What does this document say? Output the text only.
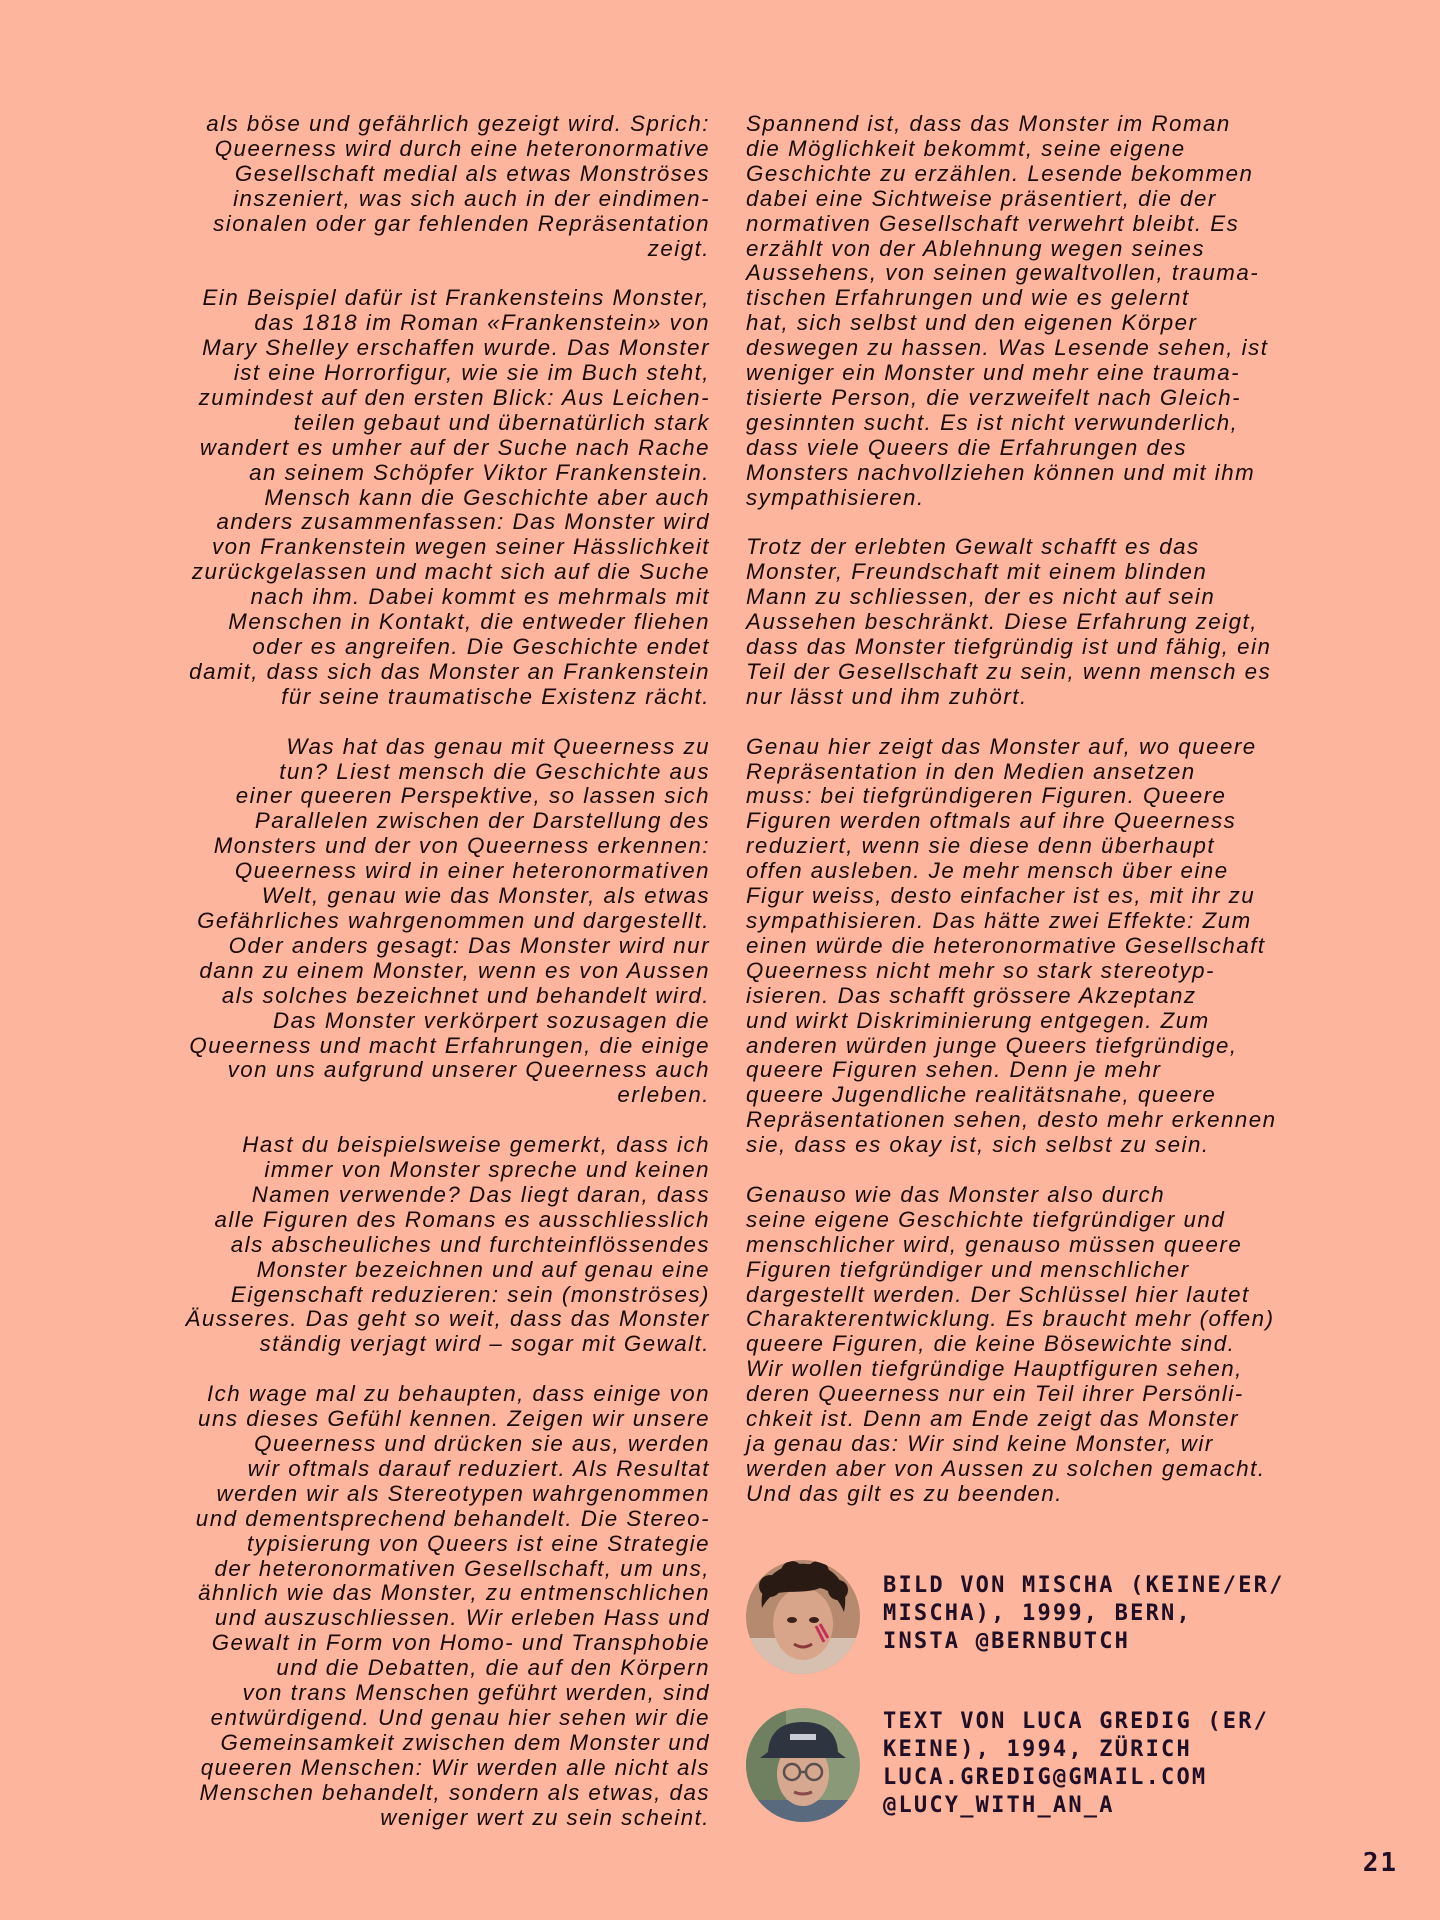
als böse und gefährlich gezeigt wird. Sprich:
Queerness wird durch eine heteronormative
Gesellschaft medial als etwas Monströses
inszeniert, was sich auch in der eindimen-
sionalen oder gar fehlenden Repräsentation
zeigt.

Ein Beispiel dafür ist Frankensteins Monster,
das 1818 im Roman «Frankenstein» von
Mary Shelley erschaffen wurde. Das Monster
ist eine Horrorfigur, wie sie im Buch steht,
zumindest auf den ersten Blick: Aus Leichen-
teilen gebaut und übernatürlich stark
wandert es umher auf der Suche nach Rache
an seinem Schöpfer Viktor Frankenstein.
Mensch kann die Geschichte aber auch
anders zusammenfassen: Das Monster wird
von Frankenstein wegen seiner Hässlichkeit
zurückgelassen und macht sich auf die Suche
nach ihm. Dabei kommt es mehrmals mit
Menschen in Kontakt, die entweder fliehen
oder es angreifen. Die Geschichte endet
damit, dass sich das Monster an Frankenstein
für seine traumatische Existenz rächt.

Was hat das genau mit Queerness zu
tun? Liest mensch die Geschichte aus
einer queeren Perspektive, so lassen sich
Parallelen zwischen der Darstellung des
Monsters und der von Queerness erkennen:
Queerness wird in einer heteronormativen
Welt, genau wie das Monster, als etwas
Gefährliches wahrgenommen und dargestellt.
Oder anders gesagt: Das Monster wird nur
dann zu einem Monster, wenn es von Aussen
als solches bezeichnet und behandelt wird.
Das Monster verkörpert sozusagen die
Queerness und macht Erfahrungen, die einige
von uns aufgrund unserer Queerness auch
erleben.

Hast du beispielsweise gemerkt, dass ich
immer von Monster spreche und keinen
Namen verwende? Das liegt daran, dass
alle Figuren des Romans es ausschliesslich
als abscheuliches und furchteinflössendes
Monster bezeichnen und auf genau eine
Eigenschaft reduzieren: sein (monströses)
Äusseres. Das geht so weit, dass das Monster
ständig verjagt wird – sogar mit Gewalt.

Ich wage mal zu behaupten, dass einige von
uns dieses Gefühl kennen. Zeigen wir unsere
Queerness und drücken sie aus, werden
wir oftmals darauf reduziert. Als Resultat
werden wir als Stereotypen wahrgenommen
und dementsprechend behandelt. Die Stereo-
typisierung von Queers ist eine Strategie
der heteronormativen Gesellschaft, um uns,
ähnlich wie das Monster, zu entmenschlichen
und auszuschliessen. Wir erleben Hass und
Gewalt in Form von Homo- und Transphobie
und die Debatten, die auf den Körpern
von trans Menschen geführt werden, sind
entwürdigend. Und genau hier sehen wir die
Gemeinsamkeit zwischen dem Monster und
queeren Menschen: Wir werden alle nicht als
Menschen behandelt, sondern als etwas, das
weniger wert zu sein scheint.

Spannend ist, dass das Monster im Roman
die Möglichkeit bekommt, seine eigene
Geschichte zu erzählen. Lesende bekommen
dabei eine Sichtweise präsentiert, die der
normativen Gesellschaft verwehrt bleibt. Es
erzählt von der Ablehnung wegen seines
Aussehens, von seinen gewaltvollen, trauma-
tischen Erfahrungen und wie es gelernt
hat, sich selbst und den eigenen Körper
deswegen zu hassen. Was Lesende sehen, ist
weniger ein Monster und mehr eine trauma-
tisierte Person, die verzweifelt nach Gleich-
gesinnten sucht. Es ist nicht verwunderlich,
dass viele Queers die Erfahrungen des
Monsters nachvollziehen können und mit ihm
sympathisieren.

Trotz der erlebten Gewalt schafft es das
Monster, Freundschaft mit einem blinden
Mann zu schliessen, der es nicht auf sein
Aussehen beschränkt. Diese Erfahrung zeigt,
dass das Monster tiefgründig ist und fähig, ein
Teil der Gesellschaft zu sein, wenn mensch es
nur lässt und ihm zuhört.

Genau hier zeigt das Monster auf, wo queere
Repräsentation in den Medien ansetzen
muss: bei tiefgründigeren Figuren. Queere
Figuren werden oftmals auf ihre Queerness
reduziert, wenn sie diese denn überhaupt
offen ausleben. Je mehr mensch über eine
Figur weiss, desto einfacher ist es, mit ihr zu
sympathisieren. Das hätte zwei Effekte: Zum
einen würde die heteronormative Gesellschaft
Queerness nicht mehr so stark stereotyp-
isieren. Das schafft grössere Akzeptanz
und wirkt Diskriminierung entgegen. Zum
anderen würden junge Queers tiefgründige,
queere Figuren sehen. Denn je mehr
queere Jugendliche realitätsnahe, queere
Repräsentationen sehen, desto mehr erkennen
sie, dass es okay ist, sich selbst zu sein.

Genauso wie das Monster also durch
seine eigene Geschichte tiefgründiger und
menschlicher wird, genauso müssen queere
Figuren tiefgründiger und menschlicher
dargestellt werden. Der Schlüssel hier lautet
Charakterentwicklung. Es braucht mehr (offen)
queere Figuren, die keine Bösewichte sind.
Wir wollen tiefgründige Hauptfiguren sehen,
deren Queerness nur ein Teil ihrer Persönli-
chkeit ist. Denn am Ende zeigt das Monster
ja genau das: Wir sind keine Monster, wir
werden aber von Aussen zu solchen gemacht.
Und das gilt es zu beenden.

BILD VON MISCHA (KEINE/ER/
MISCHA), 1999, BERN,
INSTA @BERNBUTCH
TEXT VON LUCA GREDIG (ER/
KEINE), 1994, ZÜRICH
LUCA.GREDIG@GMAIL.COM
@LUCY_WITH_AN_A
21
